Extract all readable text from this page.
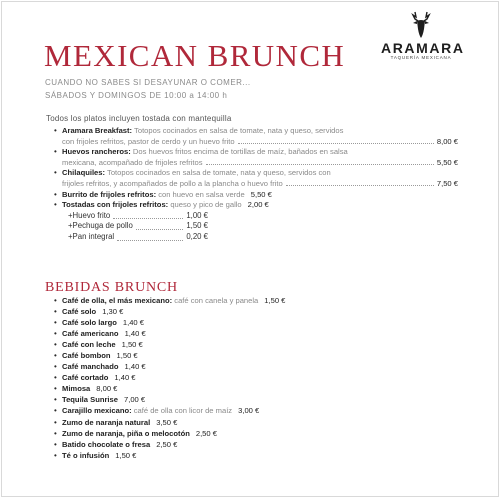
MEXICAN BRUNCH	ARAMARA
TAQUERÍA MEXICANA
CUANDO NO SABES SI DESAYUNAR O COMER...
SÁBADOS Y DOMINGOS DE 10:00 a 14:00 h
Todos los platos incluyen tostada con mantequilla
• Aramara Breakfast: Totopos cocinados en salsa de tomate, nata y queso, servidos
con frijoles refritos, pastor de cerdo y un huevo frito	8,00 €
• Huevos rancheros: Dos huevos fritos encima de tortillas de maíz, bañados en salsa
mexicana, acompañado de frijoles refritos	5,50 €
• Chilaquiles: Totopos cocinados en salsa de tomate, nata y queso, servidos con
frijoles refritos, y acompañados de pollo a la plancha o huevo frito	7,50 €
• Burrito de frijoles refritos: con huevo en salsa verde 5,50 €
• Tostadas con frijoles refritos: queso y pico de gallo 2,00 €
+Huevo frito	1,00 €
+Pechuga de pollo	1,50 €
+Pan integral	0,20 €
BEBIDAS BRUNCH
• Café de olla, el más mexicano: café con canela y panela 1,50 €
• Café solo 1,30 €
• Café solo largo 1,40 €
• Café americano 1,40 €
• Café con leche 1,50 €
• Café bombon 1,50 €
• Café manchado 1,40 €
• Café cortado 1,40 €
• Mimosa 8,00 €
• Tequila Sunrise 7,00 €
• Carajillo mexicano: café de olla con licor de maíz 3,00 €
• Zumo de naranja natural 3,50 €
• Zumo de naranja, piña o melocotón 2,50 €
• Batido chocolate o fresa 2,50 €
• Té o infusión 1,50 €
